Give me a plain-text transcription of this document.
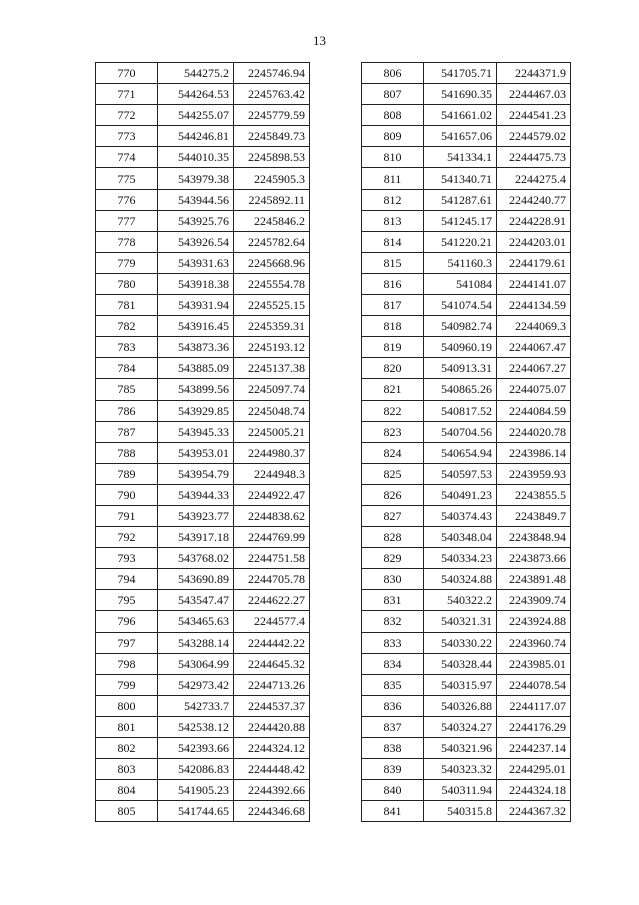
13
770	544275.2	2245746.94
771	544264.53	2245763.42
772	544255.07	2245779.59
773	544246.81	2245849.73
774	544010.35	2245898.53
775	543979.38	2245905.3
776	543944.56	2245892.11
777	543925.76	2245846.2
778	543926.54	2245782.64
779	543931.63	2245668.96
780	543918.38	2245554.78
781	543931.94	2245525.15
782	543916.45	2245359.31
783	543873.36	2245193.12
784	543885.09	2245137.38
785	543899.56	2245097.74
786	543929.85	2245048.74
787	543945.33	2245005.21
788	543953.01	2244980.37
789	543954.79	2244948.3
790	543944.33	2244922.47
791	543923.77	2244838.62
792	543917.18	2244769.99
793	543768.02	2244751.58
794	543690.89	2244705.78
795	543547.47	2244622.27
796	543465.63	2244577.4
797	543288.14	2244442.22
798	543064.99	2244645.32
799	542973.42	2244713.26
800	542733.7	2244537.37
801	542538.12	2244420.88
802	542393.66	2244324.12
803	542086.83	2244448.42
804	541905.23	2244392.66
805	541744.65	2244346.68
806	541705.71	2244371.9
807	541690.35	2244467.03
808	541661.02	2244541.23
809	541657.06	2244579.02
810	541334.1	2244475.73
811	541340.71	2244275.4
812	541287.61	2244240.77
813	541245.17	2244228.91
814	541220.21	2244203.01
815	541160.3	2244179.61
816	541084	2244141.07
817	541074.54	2244134.59
818	540982.74	2244069.3
819	540960.19	2244067.47
820	540913.31	2244067.27
821	540865.26	2244075.07
822	540817.52	2244084.59
823	540704.56	2244020.78
824	540654.94	2243986.14
825	540597.53	2243959.93
826	540491.23	2243855.5
827	540374.43	2243849.7
828	540348.04	2243848.94
829	540334.23	2243873.66
830	540324.88	2243891.48
831	540322.2	2243909.74
832	540321.31	2243924.88
833	540330.22	2243960.74
834	540328.44	2243985.01
835	540315.97	2244078.54
836	540326.88	2244117.07
837	540324.27	2244176.29
838	540321.96	2244237.14
839	540323.32	2244295.01
840	540311.94	2244324.18
841	540315.8	2244367.32
